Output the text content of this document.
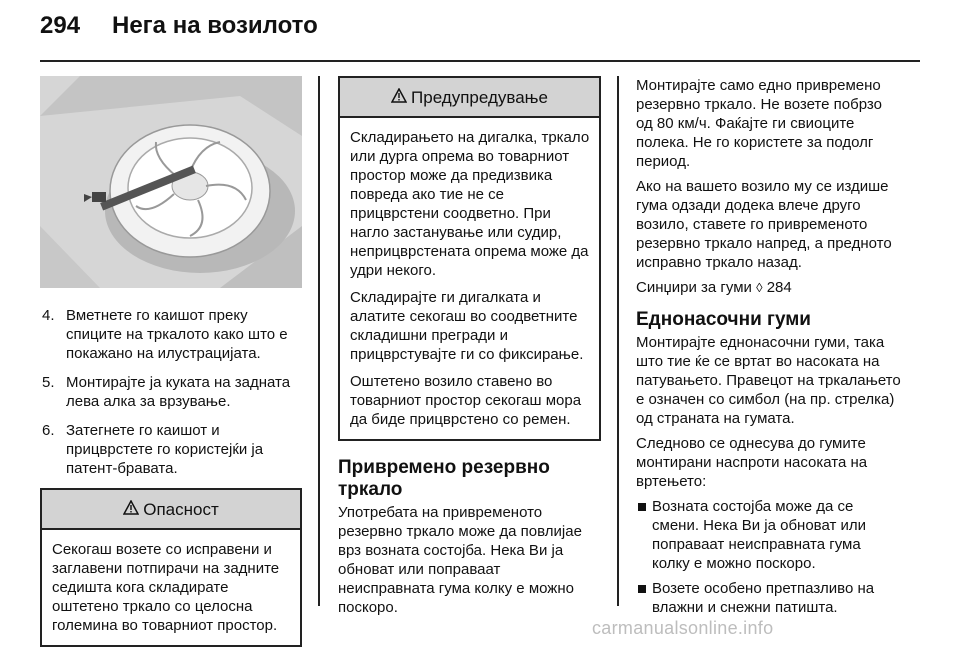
294 Нега на возилото
4. Вметнете го каишот преку спиците на тркалото како што е покажано на илустрацијата.
5. Монтирајте ја куката на задната лева алка за врзување.
6. Затегнете го каишот и прицврстете го користејќи ја патент-бравата.
Опасност

Секогаш возете со исправени и заглавени потпирачи на задните седишта кога складирате оштетено тркало со целосна големина во товарниот простор.

Предупредување

Складирањето на дигалка, тркало или дурга опрема во товарниот простор може да предизвика повреда ако тие не се прицврстени соодветно. При нагло застанување или судир, неприцврстената опрема може да удри некого.

Складирајте ги дигалката и алатите секогаш во соодветните складишни прегради и прицврстувајте ги со фиксирање.

Оштетено возило ставено во товарниот простор секогаш мора да биде прицврстено со ремен.

Привремено резервно тркало

Употребата на привременото резервно тркало може да повлијае врз возната состојба. Нека Ви ја обноват или поправаат неисправната гума колку е можно поскоро.

Монтирајте само едно привремено резервно тркало. Не возете побрзо од 80 км/ч. Фаќајте ги свиоците полека. Не го користете за подолг период.

Ако на вашето возило му се издише гума одзади додека влече друго возило, ставете го привременото резервно тркало напред, а предното исправно тркало назад.

Синџири за гуми ◊ 284

Еднонасочни гуми

Монтирајте еднонасочни гуми, така што тие ќе се вртат во насоката на патувањето. Правецот на тркалањето е означен со симбол (на пр. стрелка) од страната на гумата.

Следново се однесува до гумите монтирани наспроти насоката на вртењето:

Возната состојба може да се смени. Нека Ви ја обноват или поправаат неисправната гума колку е можно поскоро.
Возете особено претпазливо на влажни и снежни патишта.
carmanualsonline.info
